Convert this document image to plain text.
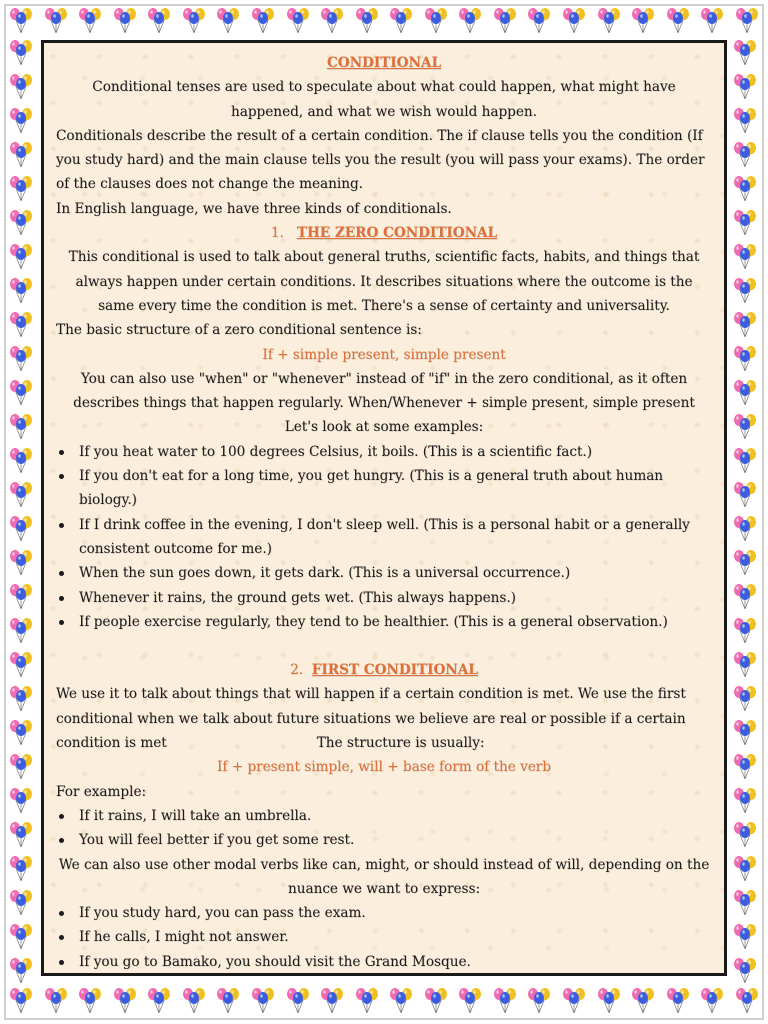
CONDITIONAL

Conditional tenses are used to speculate about what could happen, what might have happened, and what we wish would happen.

Conditionals describe the result of a certain condition. The if clause tells you the condition (If you study hard) and the main clause tells you the result (you will pass your exams). The order of the clauses does not change the meaning.

In English language, we have three kinds of conditionals.

1. THE ZERO CONDITIONAL

This conditional is used to talk about general truths, scientific facts, habits, and things that always happen under certain conditions. It describes situations where the outcome is the same every time the condition is met. There's a sense of certainty and universality.

The basic structure of a zero conditional sentence is:

If + simple present, simple present

You can also use "when" or "whenever" instead of "if" in the zero conditional, as it often describes things that happen regularly. When/Whenever + simple present, simple present

Let's look at some examples:

If you heat water to 100 degrees Celsius, it boils. (This is a scientific fact.)
If you don't eat for a long time, you get hungry. (This is a general truth about human biology.)
If I drink coffee in the evening, I don't sleep well. (This is a personal habit or a generally consistent outcome for me.)
When the sun goes down, it gets dark. (This is a universal occurrence.)
Whenever it rains, the ground gets wet. (This always happens.)
If people exercise regularly, they tend to be healthier. (This is a general observation.)
2. FIRST CONDITIONAL

We use it to talk about things that will happen if a certain condition is met. We use the first conditional when we talk about future situations we believe are real or possible if a certain condition is met	The structure is usually:

If + present simple, will + base form of the verb

For example:

If it rains, I will take an umbrella.
You will feel better if you get some rest.

We can also use other modal verbs like can, might, or should instead of will, depending on the nuance we want to express:

If you study hard, you can pass the exam.
If he calls, I might not answer.
If you go to Bamako, you should visit the Grand Mosque.
